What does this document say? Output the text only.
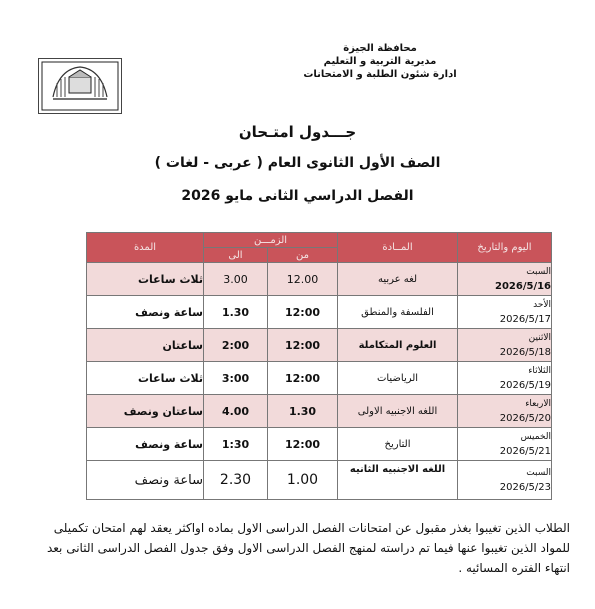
محافظة الجيزة
مديرية التربية و التعليم
ادارة شئون الطلبة و الامتحانات
جـــدول امتـحان
الصف الأول الثانوى العام ( عربى - لغات )
الفصل الدراسي الثانى مايو 2026
اليوم والتاريخ	المــادة	الزمـــن		المدة
		من	الى	
السبت
2026/5/16	لغه عربيه	12.00	3.00	ثلاث ساعات
الأحد
2026/5/17	الفلسفة والمنطق	12:00	1.30	ساعة ونصف
الاثنين
2026/5/18	العلوم المتكاملة	12:00	2:00	ساعتان
الثلاثاء
2026/5/19	الرياضيات	12:00	3:00	ثلاث ساعات
الاربعاء
2026/5/20	اللغه الاجنبيه الاولى	1.30	4.00	ساعتان ونصف
الخميس
2026/5/21	التاريخ	12:00	1:30	ساعة ونصف
السبت
2026/5/23	اللغه الاجنبيه الثانيه	1.00	2.30	ساعة ونصف
الطلاب الذين تغيبوا بغذر مقبول عن امتحانات الفصل الدراسى الاول بماده اواكثر يعقد لهم امتحان تكميلى للمواد الذين تغيبوا عنها فيما تم دراسته لمنهج الفصل الدراسى الاول وفق جدول الفصل الدراسى الثانى بعد انتهاء الفتره المسائيه .
